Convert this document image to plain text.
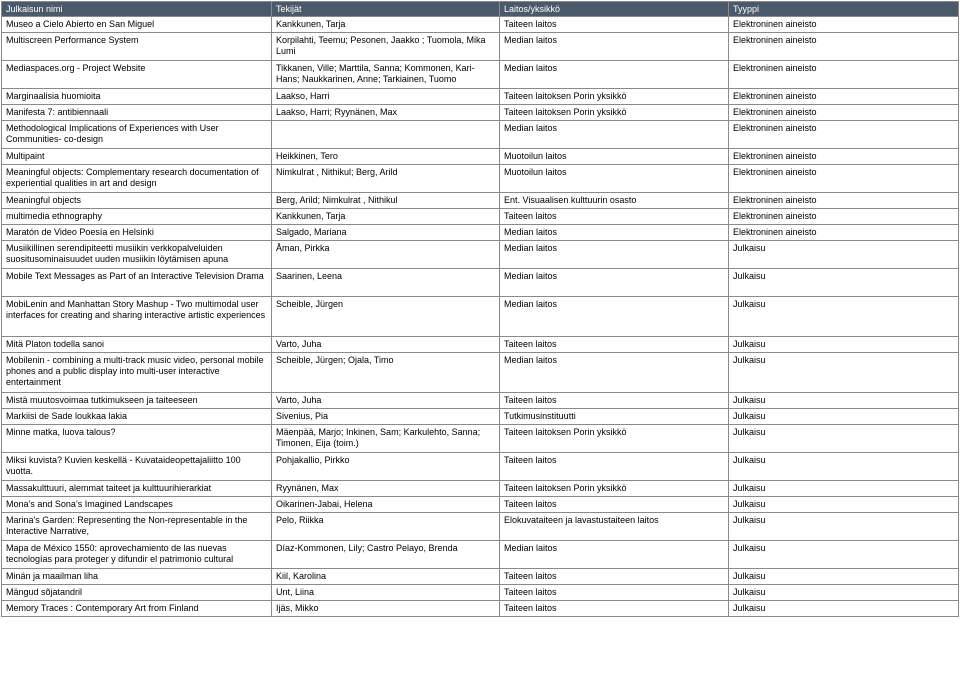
Julkaisun nimi	Tekijät	Laitos/yksikkö	Tyyppi
Museo a Cielo Abierto en San Miguel	Kankkunen, Tarja	Taiteen laitos	Elektroninen aineisto
Multiscreen Performance System	Korpilahti, Teemu; Pesonen, Jaakko ; Tuomola, Mika Lumi	Median laitos	Elektroninen aineisto
Mediaspaces.org - Project Website	Tikkanen, Ville; Marttila, Sanna; Kommonen, Kari-Hans; Naukkarinen, Anne; Tarkiainen, Tuomo	Median laitos	Elektroninen aineisto
Marginaalisia huomioita	Laakso, Harri	Taiteen laitoksen Porin yksikkö	Elektroninen aineisto
Manifesta 7: antibiennaali	Laakso, Harri; Ryynänen, Max	Taiteen laitoksen Porin yksikkö	Elektroninen aineisto
Methodological Implications of Experiences with User Communities- co-design		Median laitos	Elektroninen aineisto
Multipaint	Heikkinen, Tero	Muotoilun laitos	Elektroninen aineisto
Meaningful objects: Complementary research documentation of experiential qualities in art and design	Nimkulrat , Nithikul; Berg, Arild	Muotoilun laitos	Elektroninen aineisto
Meaningful objects	Berg, Arild; Nimkulrat , Nithikul	Ent. Visuaalisen kulttuurin osasto	Elektroninen aineisto
multimedia ethnography	Kankkunen, Tarja	Taiteen laitos	Elektroninen aineisto
Maratón de Video Poesía en Helsinki	Salgado, Mariana	Median laitos	Elektroninen aineisto
Musiikillinen serendipiteetti musiikin verkkopalveluiden suositusominaisuudet uuden musiikin löytämisen apuna	Åman, Pirkka	Median laitos	Julkaisu
Mobile Text Messages as Part of an Interactive Television Drama	Saarinen, Leena	Median laitos	Julkaisu
MobiLenin and Manhattan Story Mashup - Two multimodal user interfaces for creating and sharing interactive artistic experiences	Scheible, Jürgen	Median laitos	Julkaisu
Mitä Platon todella sanoi	Varto, Juha	Taiteen laitos	Julkaisu
Mobilenin - combining a multi-track music video, personal mobile phones and a public display into multi-user interactive entertainment	Scheible, Jürgen; Ojala, Timo	Median laitos	Julkaisu
Mistä muutosvoimaa tutkimukseen ja taiteeseen	Varto, Juha	Taiteen laitos	Julkaisu
Markiisi de Sade loukkaa lakia	Sivenius, Pia	Tutkimusinstituutti	Julkaisu
Minne matka, luova talous?	Mäenpää, Marjo; Inkinen, Sam; Karkulehto, Sanna; Timonen, Eija (toim.)	Taiteen laitoksen Porin yksikkö	Julkaisu
Miksi kuvista? Kuvien keskellä - Kuvataideopettajaliitto 100 vuotta.	Pohjakallio, Pirkko	Taiteen laitos	Julkaisu
Massakulttuuri, alemmat taiteet ja kulttuurihierarkiat	Ryynänen, Max	Taiteen laitoksen Porin yksikkö	Julkaisu
Mona’s and Sona’s Imagined Landscapes	Oikarinen-Jabai, Helena	Taiteen laitos	Julkaisu
Marina's Garden: Representing the Non-representable in the Interactive Narrative,	Pelo, Riikka	Elokuvataiteen ja lavastustaiteen laitos	Julkaisu
Mapa de México 1550: aprovechamiento de las nuevas tecnologías para proteger y difundir el patrimonio cultural	Díaz-Kommonen, Lily; Castro Pelayo, Brenda	Median laitos	Julkaisu
Minän ja maailman liha	Kiil, Karolina	Taiteen laitos	Julkaisu
Mängud sõjatandril	Unt, Liina	Taiteen laitos	Julkaisu
Memory Traces : Contemporary Art from Finland	Ijäs, Mikko	Taiteen laitos	Julkaisu
